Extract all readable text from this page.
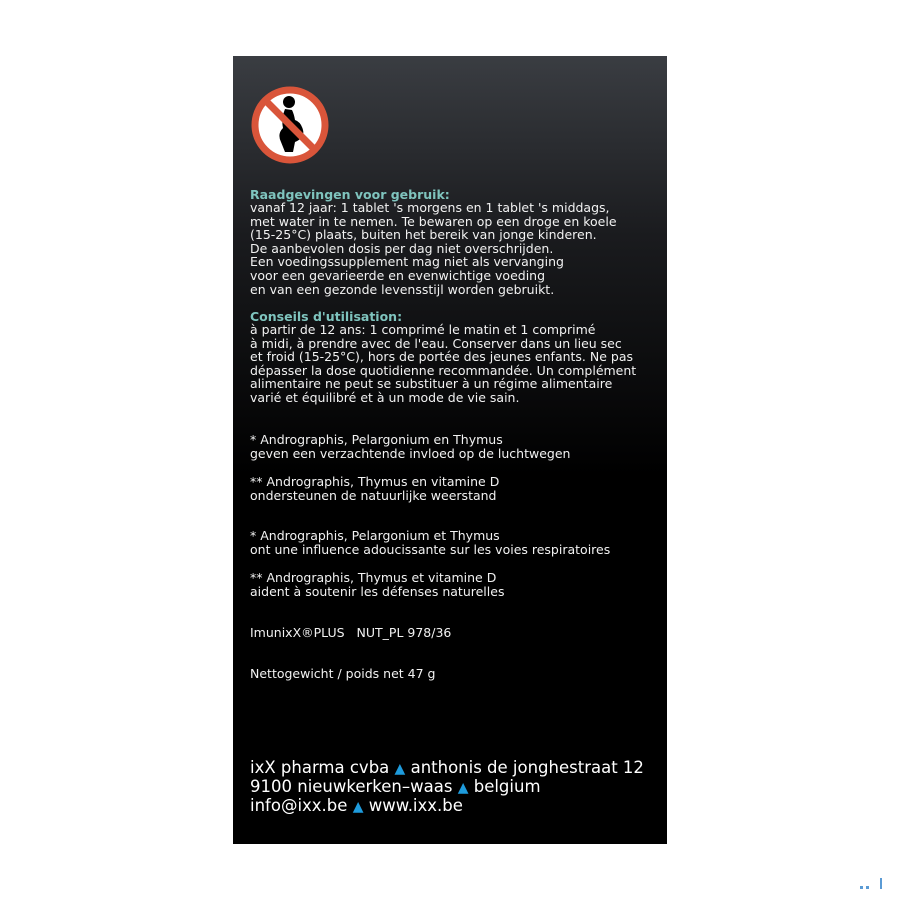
Raadgevingen voor gebruik:
vanaf 12 jaar: 1 tablet 's morgens en 1 tablet 's middags,
met water in te nemen. Te bewaren op een droge en koele
(15-25°C) plaats, buiten het bereik van jonge kinderen.
De aanbevolen dosis per dag niet overschrijden.
Een voedingssupplement mag niet als vervanging
voor een gevarieerde en evenwichtige voeding
en van een gezonde levensstijl worden gebruikt.
Conseils d'utilisation:
à partir de 12 ans: 1 comprimé le matin et 1 comprimé
à midi, à prendre avec de l'eau. Conserver dans un lieu sec
et froid (15-25°C), hors de portée des jeunes enfants. Ne pas
dépasser la dose quotidienne recommandée. Un complément
alimentaire ne peut se substituer à un régime alimentaire
varié et équilibré et à un mode de vie sain.
* Andrographis, Pelargonium en Thymus
geven een verzachtende invloed op de luchtwegen
** Andrographis, Thymus en vitamine D
ondersteunen de natuurlijke weerstand
* Andrographis, Pelargonium et Thymus
ont une influence adoucissante sur les voies respiratoires
** Andrographis, Thymus et vitamine D
aident à soutenir les défenses naturelles
ImunixX®PLUS NUT_PL 978/36
Nettogewicht / poids net 47 g
ixX pharma cvba ▲ anthonis de jonghestraat 12
9100 nieuwkerken–waas ▲ belgium
info@ixx.be ▲ www.ixx.be
